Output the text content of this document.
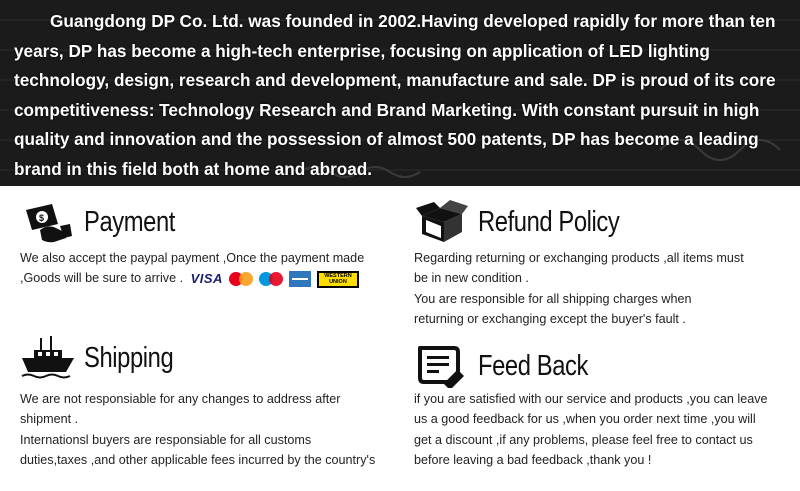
Guangdong DP Co. Ltd. was founded in 2002.Having developed rapidly for more than ten years, DP has become a high-tech enterprise, focusing on application of LED lighting technology, design, research and development, manufacture and sale. DP is proud of its core competitiveness: Technology Research and Brand Marketing. With constant pursuit in high quality and innovation and the possession of almost 500 patents, DP has become a leading brand in this field both at home and abroad.

$ Payment

We also accept the paypal payment ,Once the payment made

,Goods will be sure to arrive . VISA	WESTERN UNION

Refund Policy

Regarding returning or exchanging products ,all items must

be in new condition .

You are responsible for all shipping charges when

returning or exchanging except the buyer's fault .

Shipping

We are not responsiable for any changes to address after

shipment .

Internationsl buyers are responsiable for all customs

duties,taxes ,and other applicable fees incurred by the country's

Feed Back

if you are satisfied with our service and products ,you can leave

us a good feedback for us ,when you order next time ,you will

get a discount ,if any problems, please feel free to contact us

before leaving a bad feedback ,thank you !
